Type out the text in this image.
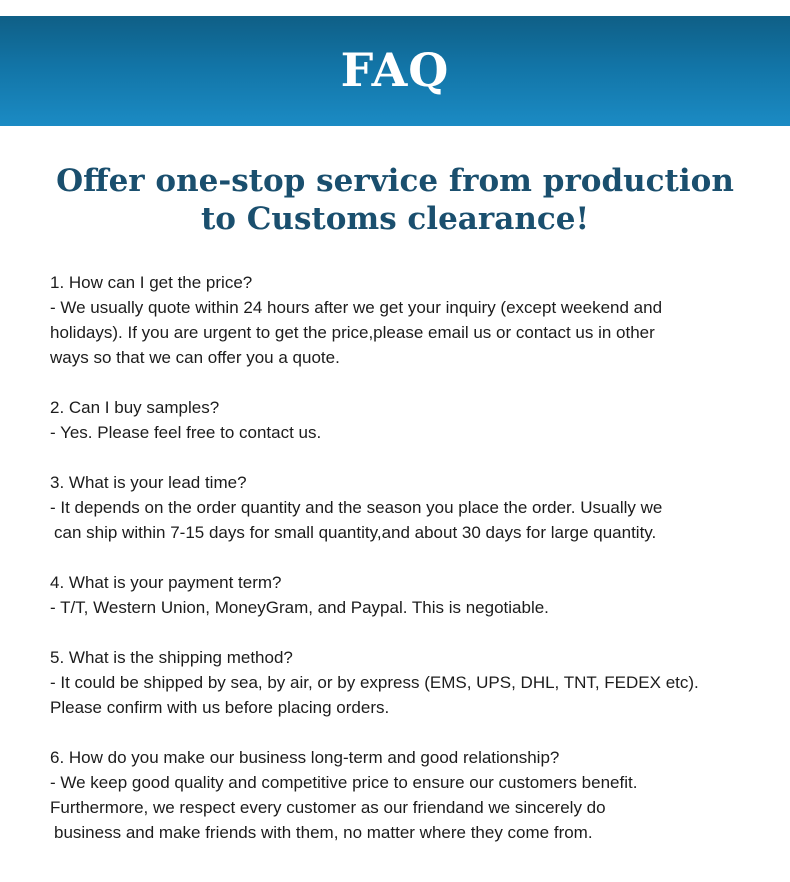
FAQ
Offer one-stop service from production
to Customs clearance!
1. How can I get the price?
- We usually quote within 24 hours after we get your inquiry (except weekend and
holidays). If you are urgent to get the price,please email us or contact us in other
ways so that we can offer you a quote.
2. Can I buy samples?
- Yes. Please feel free to contact us.
3. What is your lead time?
- It depends on the order quantity and the season you place the order. Usually we
can ship within 7-15 days for small quantity,and about 30 days for large quantity.
4. What is your payment term?
- T/T, Western Union, MoneyGram, and Paypal. This is negotiable.
5. What is the shipping method?
- It could be shipped by sea, by air, or by express (EMS, UPS, DHL, TNT, FEDEX etc).
Please confirm with us before placing orders.
6. How do you make our business long-term and good relationship?
- We keep good quality and competitive price to ensure our customers benefit.
Furthermore, we respect every customer as our friendand we sincerely do
business and make friends with them, no matter where they come from.
